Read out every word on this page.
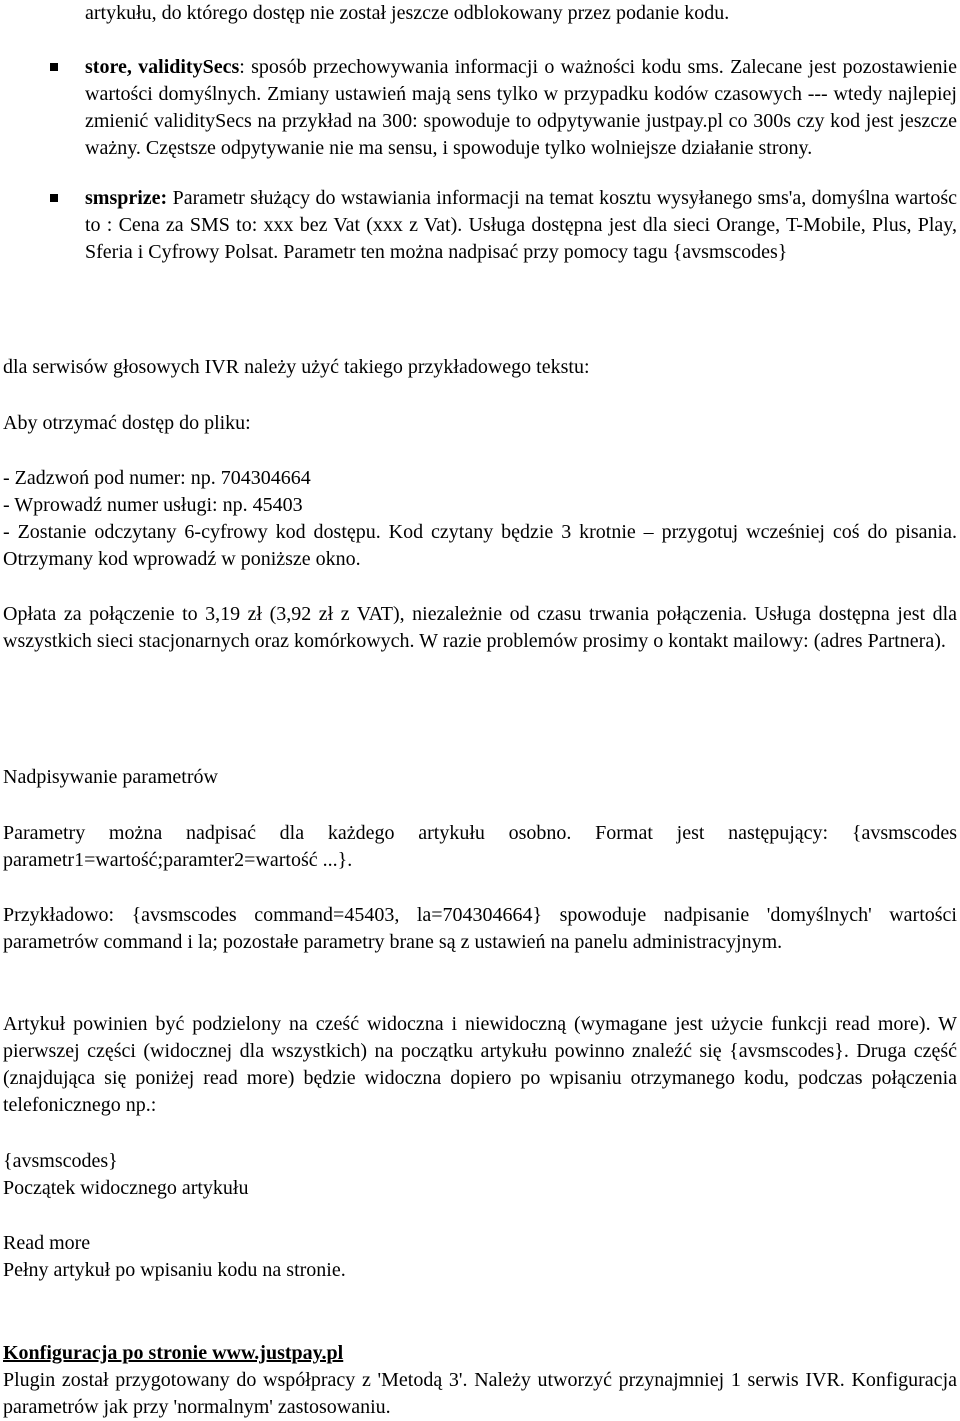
artykułu, do którego dostęp nie został jeszcze odblokowany przez podanie kodu.
store, validitySecs: sposób przechowywania informacji o ważności kodu sms. Zalecane jest pozostawienie wartości domyślnych. Zmiany ustawień mają sens tylko w przypadku kodów czasowych --- wtedy najlepiej zmienić validitySecs na przykład na 300: spowoduje to odpytywanie justpay.pl co 300s czy kod jest jeszcze ważny. Częstsze odpytywanie nie ma sensu, i spowoduje tylko wolniejsze działanie strony.
smsprize: Parametr służący do wstawiania informacji na temat kosztu wysyłanego sms'a, domyślna wartośc to : Cena za SMS to: xxx bez Vat (xxx z Vat). Usługa dostępna jest dla sieci Orange, T-Mobile, Plus, Play, Sferia i Cyfrowy Polsat. Parametr ten można nadpisać przy pomocy tagu {avsmscodes}

dla serwisów głosowych IVR należy użyć takiego przykładowego tekstu:

Aby otrzymać dostęp do pliku:

- Zadzwoń pod numer: np. 704304664

- Wprowadź numer usługi: np. 45403

- Zostanie odczytany 6-cyfrowy kod dostępu. Kod czytany będzie 3 krotnie – przygotuj wcześniej coś do pisania. Otrzymany kod wprowadź w poniższe okno.

Opłata za połączenie to 3,19 zł (3,92 zł z VAT), niezależnie od czasu trwania połączenia. Usługa dostępna jest dla wszystkich sieci stacjonarnych oraz komórkowych. W razie problemów prosimy o kontakt mailowy: (adres Partnera).

Nadpisywanie parametrów

Parametry można nadpisać dla każdego artykułu osobno. Format jest następujący: {avsmscodes parametr1=wartość;paramter2=wartość ...}.

Przykładowo: {avsmscodes command=45403, la=704304664} spowoduje nadpisanie 'domyślnych' wartości parametrów command i la; pozostałe parametry brane są z ustawień na panelu administracyjnym.

Artykuł powinien być podzielony na cześć widoczna i niewidoczną (wymagane jest użycie funkcji read more). W pierwszej części (widocznej dla wszystkich) na początku artykułu powinno znaleźć się {avsmscodes}. Druga część (znajdująca się poniżej read more) będzie widoczna dopiero po wpisaniu otrzymanego kodu, podczas połączenia telefonicznego np.:

{avsmscodes}

Początek widocznego artykułu

Read more

Pełny artykuł po wpisaniu kodu na stronie.

Konfiguracja po stronie www.justpay.pl

Plugin został przygotowany do współpracy z 'Metodą 3'. Należy utworzyć przynajmniej 1 serwis IVR. Konfiguracja parametrów jak przy 'normalnym' zastosowaniu.
